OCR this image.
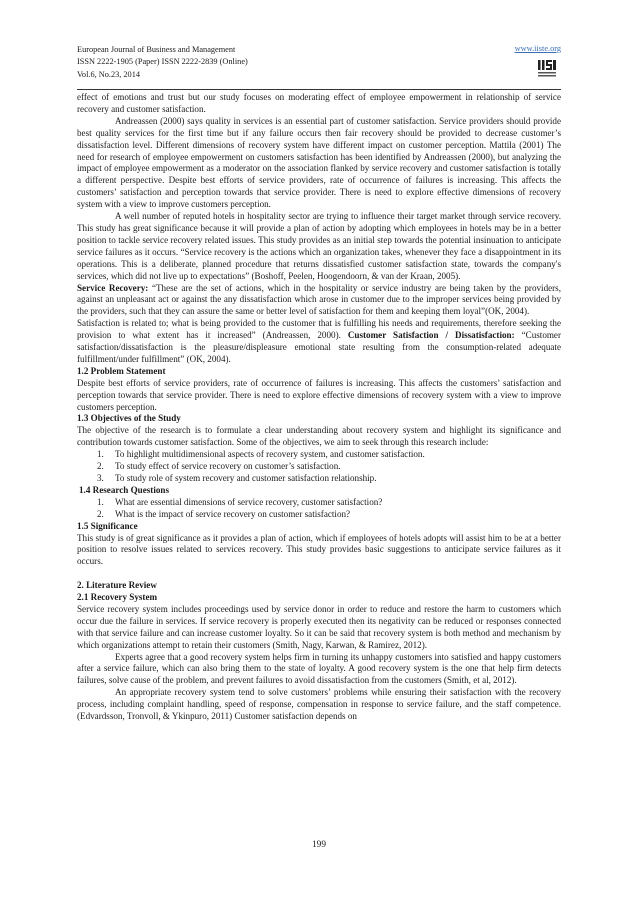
European Journal of Business and Management
ISSN 2222-1905 (Paper) ISSN 2222-2839 (Online)
Vol.6, No.23, 2014
www.iiste.org

effect of emotions and trust but our study focuses on moderating effect of employee empowerment in relationship of service recovery and customer satisfaction.

Andreassen (2000) says quality in services is an essential part of customer satisfaction. Service providers should provide best quality services for the first time but if any failure occurs then fair recovery should be provided to decrease customer’s dissatisfaction level. Different dimensions of recovery system have different impact on customer perception. Mattila (2001) The need for research of employee empowerment on customers satisfaction has been identified by Andreassen (2000), but analyzing the impact of employee empowerment as a moderator on the association flanked by service recovery and customer satisfaction is totally a different perspective. Despite best efforts of service providers, rate of occurrence of failures is increasing. This affects the customers’ satisfaction and perception towards that service provider. There is need to explore effective dimensions of recovery system with a view to improve customers perception.

A well number of reputed hotels in hospitality sector are trying to influence their target market through service recovery. This study has great significance because it will provide a plan of action by adopting which employees in hotels may be in a better position to tackle service recovery related issues. This study provides as an initial step towards the potential insinuation to anticipate service failures as it occurs. “Service recovery is the actions which an organization takes, whenever they face a disappointment in its operations. This is a deliberate, planned procedure that returns dissatisfied customer satisfaction state, towards the company's services, which did not live up to expectations” (Boshoff, Peelen, Hoogendoorn, & van der Kraan, 2005).

Service Recovery: “These are the set of actions, which in the hospitality or service industry are being taken by the providers, against an unpleasant act or against the any dissatisfaction which arose in customer due to the improper services being provided by the providers, such that they can assure the same or better level of satisfaction for them and keeping them loyal”(OK, 2004).

Satisfaction is related to; what is being provided to the customer that is fulfilling his needs and requirements, therefore seeking the provision to what extent has it increased” (Andreassen, 2000). Customer Satisfaction / Dissatisfaction: “Customer satisfaction/dissatisfaction is the pleasure/displeasure emotional state resulting from the consumption-related adequate fulfillment/under fulfillment” (OK, 2004).

1.2 Problem Statement

Despite best efforts of service providers, rate of occurrence of failures is increasing. This affects the customers’ satisfaction and perception towards that service provider. There is need to explore effective dimensions of recovery system with a view to improve customers perception.

1.3 Objectives of the Study

The objective of the research is to formulate a clear understanding about recovery system and highlight its significance and contribution towards customer satisfaction. Some of the objectives, we aim to seek through this research include:

1. To highlight multidimensional aspects of recovery system, and customer satisfaction.
2. To study effect of service recovery on customer’s satisfaction.
3. To study role of system recovery and customer satisfaction relationship.
1.4 Research Questions
1. What are essential dimensions of service recovery, customer satisfaction?
2. What is the impact of service recovery on customer satisfaction?
1.5 Significance

This study is of great significance as it provides a plan of action, which if employees of hotels adopts will assist him to be at a better position to resolve issues related to services recovery. This study provides basic suggestions to anticipate service failures as it occurs.

2. Literature Review
2.1 Recovery System

Service recovery system includes proceedings used by service donor in order to reduce and restore the harm to customers which occur due the failure in services. If service recovery is properly executed then its negativity can be reduced or responses connected with that service failure and can increase customer loyalty. So it can be said that recovery system is both method and mechanism by which organizations attempt to retain their customers (Smith, Nagy, Karwan, & Ramirez, 2012).

Experts agree that a good recovery system helps firm in turning its unhappy customers into satisfied and happy customers after a service failure, which can also bring them to the state of loyalty. A good recovery system is the one that help firm detects failures, solve cause of the problem, and prevent failures to avoid dissatisfaction from the customers (Smith, et al, 2012).

An appropriate recovery system tend to solve customers’ problems while ensuring their satisfaction with the recovery process, including complaint handling, speed of response, compensation in response to service failure, and the staff competence. (Edvardsson, Tronvoll, & Ykinpuro, 2011) Customer satisfaction depends on

199
